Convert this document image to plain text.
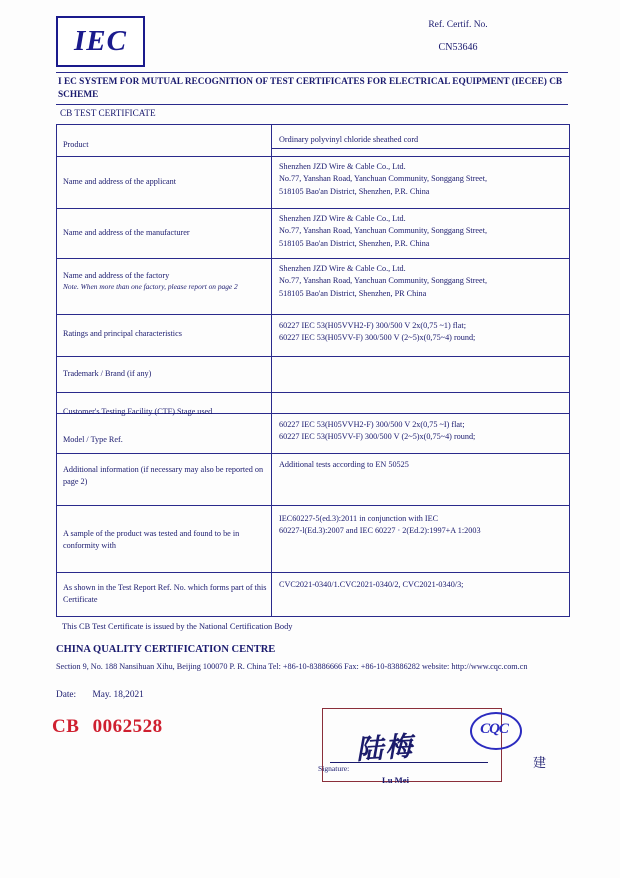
IEC	Ref. Certif. No.
CN53646
I EC SYSTEM FOR MUTUAL RECOGNITION OF TEST CERTIFICATES FOR ELECTRICAL EQUIPMENT (IECEE) CB SCHEME
CB TEST CERTIFICATE
Product
Ordinary polyvinyl chloride sheathed cord
Name and address of the applicant
Shenzhen JZD Wire & Cable Co., Ltd.
No.77, Yanshan Road, Yanchuan Community, Songgang Street,
518105 Bao'an District, Shenzhen, P.R. China
Name and address of the manufacturer
Shenzhen JZD Wire & Cable Co., Ltd.
No.77, Yanshan Road, Yanchuan Community, Songgang Street,
518105 Bao'an District, Shenzhen, P.R. China
Name and address of the factory
Note. When more than one factory, please report on page 2
Shenzhen JZD Wire & Cable Co., Ltd.
No.77, Yanshan Road, Yanchuan Community, Songgang Street,
518105 Bao'an District, Shenzhen, PR China
Ratings and principal characteristics
60227 IEC 53(H05VVH2-F) 300/500 V 2x(0,75 ~1) flat;
60227 IEC 53(H05VV-F) 300/500 V (2~5)x(0,75~4) round;
Trademark / Brand (if any)
Customer's Testing Facility (CTF) Stage used
Model / Type Ref.
60227 IEC 53(H05VVH2-F) 300/500 V 2x(0,75 ~I) flat;
60227 IEC 53(H05VV-F) 300/500 V (2~5)x(0,75~4) round;
Additional information (if necessary may also be reported on page 2)
Additional tests according to EN 50525
A sample of the product was tested and found to be in conformity with
IEC60227-5(ed.3):2011 in conjunction with IEC
60227-l(Ed.3):2007 and IEC 60227 · 2(Ed.2):1997+A 1:2003
As shown in the Test Report Ref. No. which forms part of this Certificate
CVC2021-0340/1.CVC2021-0340/2, CVC2021-0340/3;
This CB Test Certificate is issued by the National Certification Body
CHINA QUALITY CERTIFICATION CENTRE
Section 9, No. 188 Nansihuan Xihu, Beijing 100070 P. R. China Tel: +86-10-83886666 Fax: +86-10-83886282 website: http://www.cqc.com.cn
Date: May. 18,2021
CB 0062528
陆梅
Signature:
Lu Mei
CQC
建
